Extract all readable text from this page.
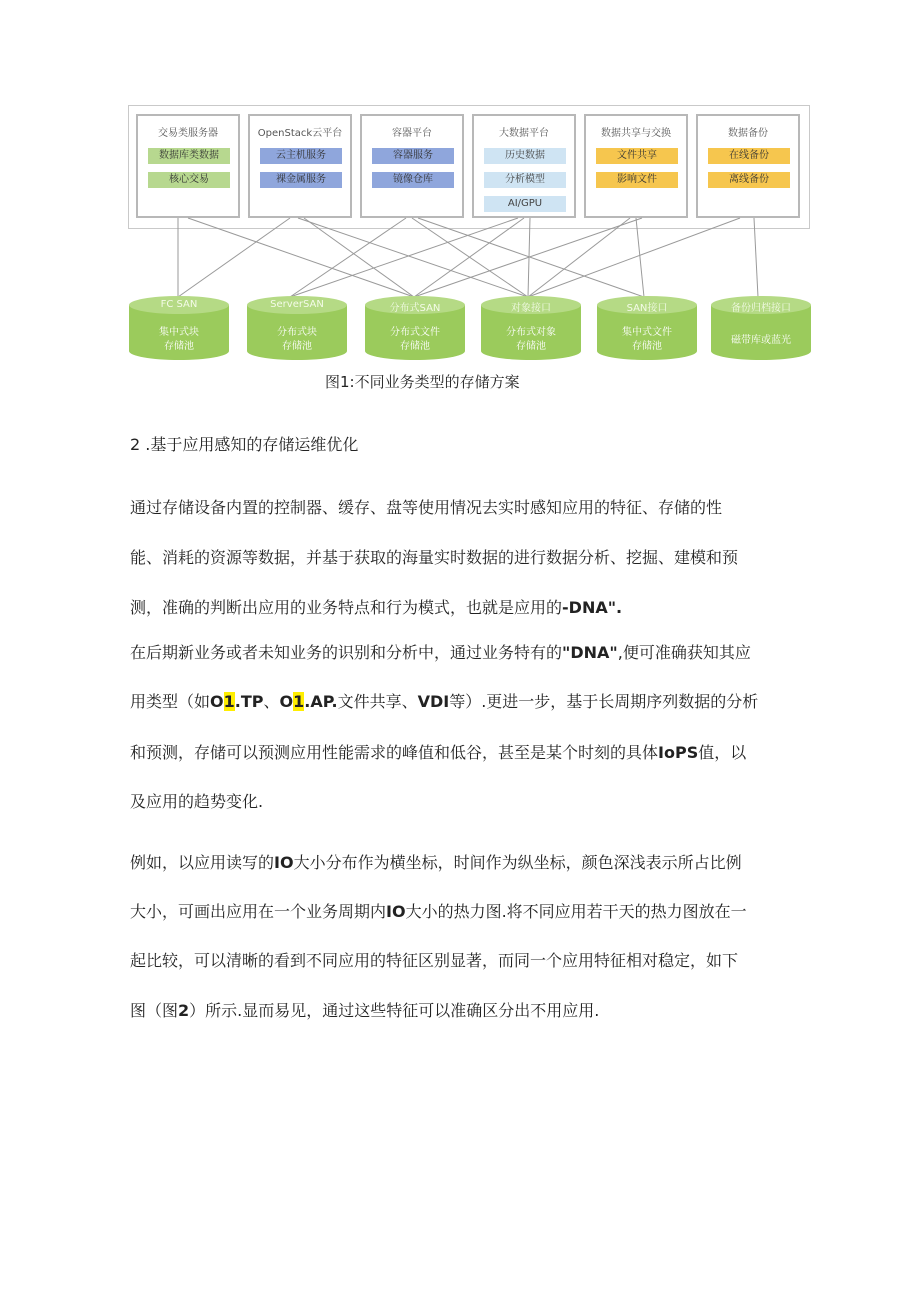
交易类服务器
数据库类数据
核心交易
OpenStack云平台
云主机服务
裸金属服务
容器平台
容器服务
镜像仓库
大数据平台
历史数据
分析模型
AI/GPU
数据共享与交换
文件共享
影响文件
数据备份
在线备份
离线备份
FC SAN
集中式块
存储池
ServerSAN
分布式块
存储池
分布式SAN
分布式文件
存储池
对象接口
分布式对象
存储池
SAN接口
集中式文件
存储池
备份归档接口
磁带库或蓝光
图1:不同业务类型的存储方案
2 .基于应用感知的存储运维优化
通过存储设备内置的控制器、缓存、盘等使用情况去实时感知应用的特征、存储的性
能、消耗的资源等数据，并基于获取的海量实时数据的进行数据分析、挖掘、建模和预
测，准确的判断出应用的业务特点和行为模式，也就是应用的-DNA".
在后期新业务或者未知业务的识别和分析中，通过业务特有的"DNA",便可准确获知其应
用类型（如O1.TP、O1.AP.文件共享、VDI等）.更进一步，基于长周期序列数据的分析
和预测，存储可以预测应用性能需求的峰值和低谷，甚至是某个时刻的具体IoPS值，以
及应用的趋势变化.
例如，以应用读写的IO大小分布作为横坐标，时间作为纵坐标，颜色深浅表示所占比例
大小，可画出应用在一个业务周期内IO大小的热力图.将不同应用若干天的热力图放在一
起比较，可以清晰的看到不同应用的特征区别显著，而同一个应用特征相对稳定，如下
图（图2）所示.显而易见，通过这些特征可以准确区分出不用应用.
